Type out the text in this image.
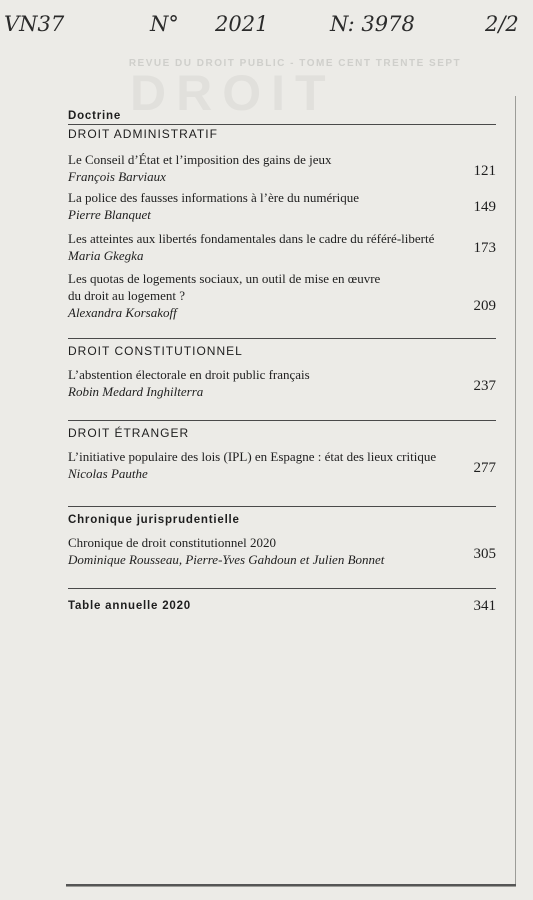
VN37	N° 2021	N: 3978	2/2
REVUE DU DROIT PUBLIC - TOME CENT TRENTE SEPT
DROIT
Doctrine
DROIT ADMINISTRATIF
Le Conseil d’État et l’imposition des gains de jeux
François Barviaux	121
La police des fausses informations à l’ère du numérique
Pierre Blanquet	149
Les atteintes aux libertés fondamentales dans le cadre du référé-liberté
Maria Gkegka	173
Les quotas de logements sociaux, un outil de mise en œuvre
du droit au logement ?
Alexandra Korsakoff	209
DROIT CONSTITUTIONNEL
L’abstention électorale en droit public français
Robin Medard Inghilterra	237
DROIT ÉTRANGER
L’initiative populaire des lois (IPL) en Espagne : état des lieux critique
Nicolas Pauthe	277
Chronique jurisprudentielle
Chronique de droit constitutionnel 2020
Dominique Rousseau, Pierre-Yves Gahdoun et Julien Bonnet	305
Table annuelle 2020	341
